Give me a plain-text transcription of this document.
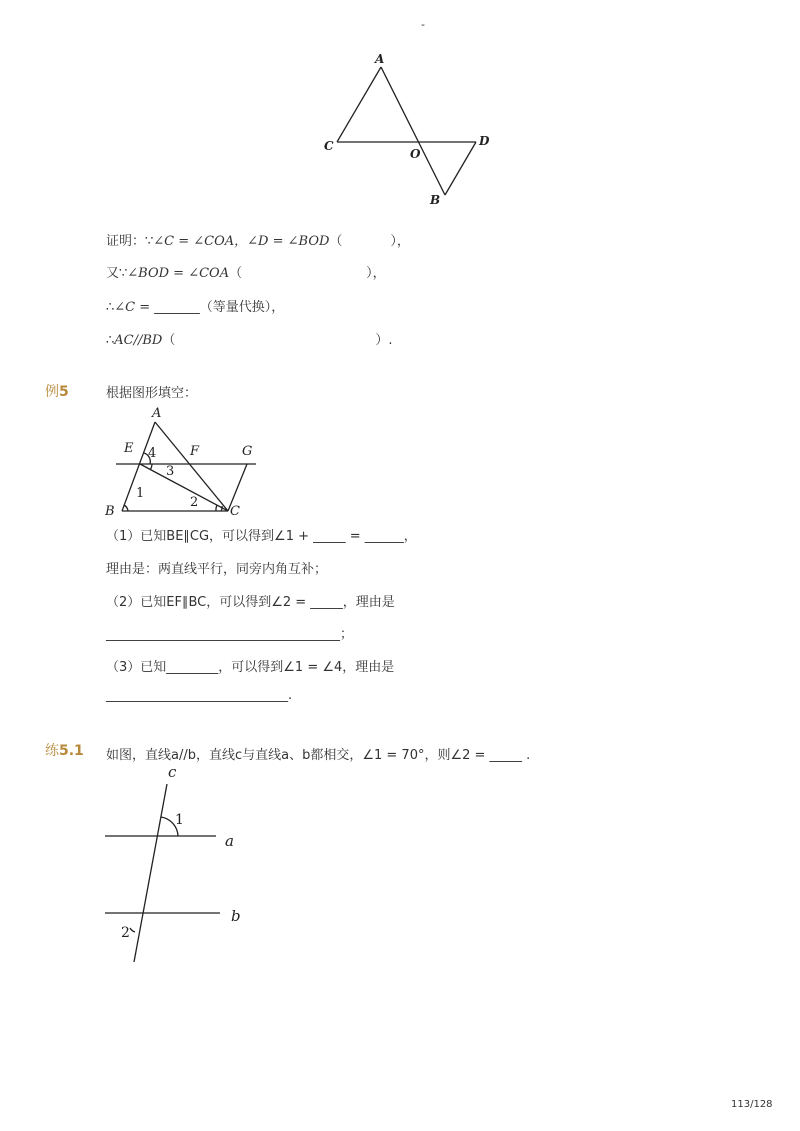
-
A
C
O
D
B
证明：∵∠C = ∠COA，∠D = ∠BOD（	），
又∵∠BOD = ∠COA（	），
∴∠C = _______（等量代换），
∴AC//BD（	）.
例5	根据图形填空：
A
E	F	G
B	C
1
2
3
4
（1）已知BE∥CG，可以得到∠1 + _____ = ______，
理由是：两直线平行，同旁内角互补；
（2）已知EF∥BC，可以得到∠2 = _____，理由是
____________________________________；
（3）已知________，可以得到∠1 = ∠4，理由是
____________________________.
练5.1 如图，直线a//b，直线c与直线a、b都相交，∠1 = 70°，则∠2 = _____ .
c
a
b
1
2
113/128
